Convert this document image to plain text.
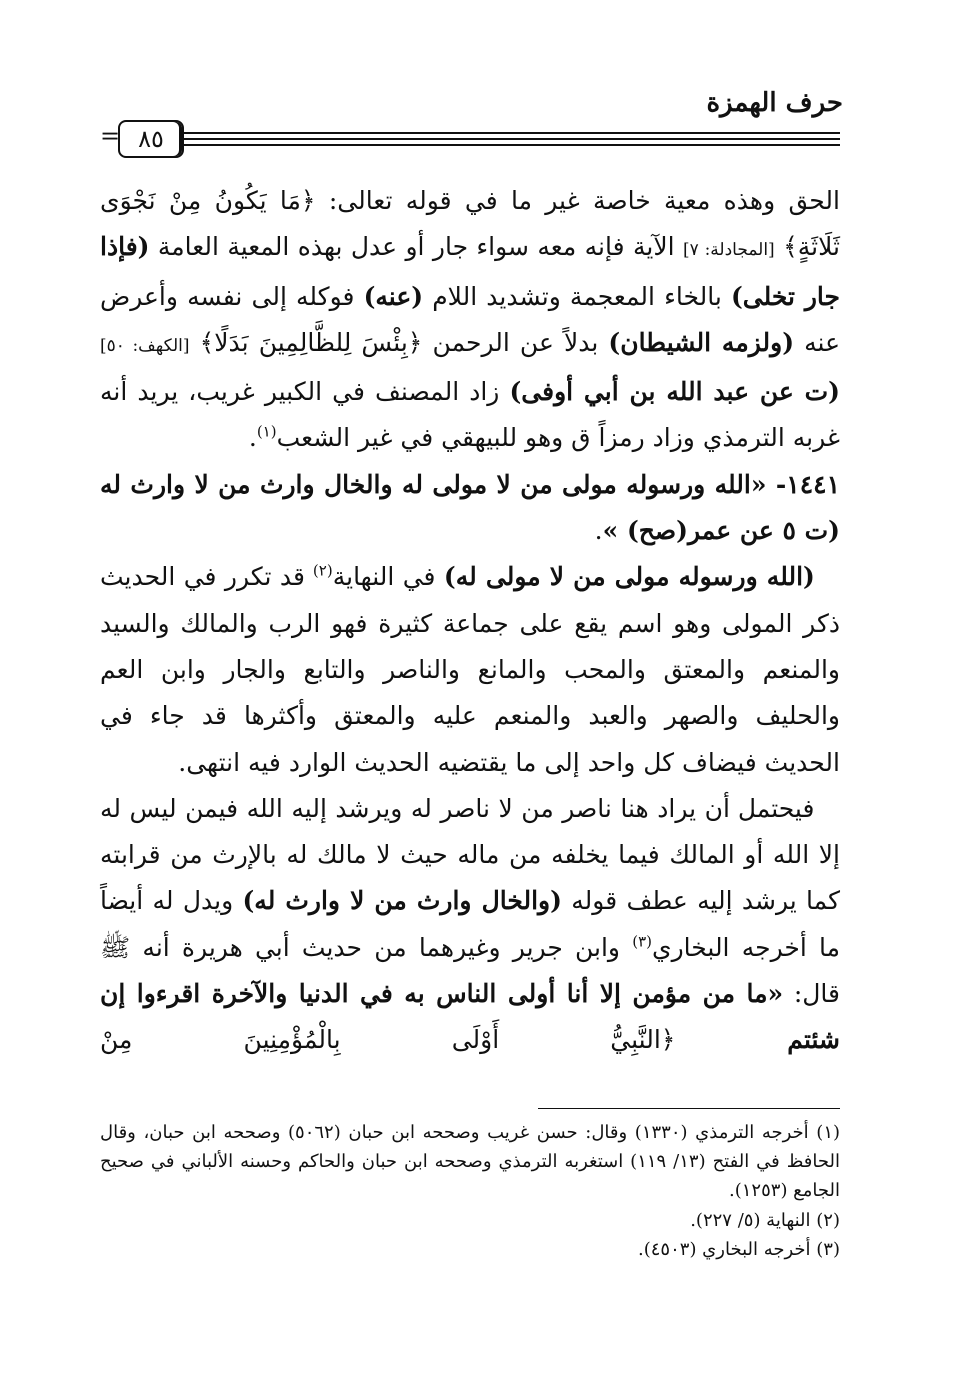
حرف الهمزة
= ٨٥

الحق وهذه معية خاصة غير ما في قوله تعالى: ﴿مَا يَكُونُ مِنْ نَجْوَى ثَلَاثَةٍ﴾ [المجادلة: ٧] الآية فإنه معه سواء جار أو عدل بهذه المعية العامة (فإذا جار تخلى) بالخاء المعجمة وتشديد اللام (عنه) فوكله إلى نفسه وأعرض عنه (ولزمه الشيطان) بدلاً عن الرحمن ﴿بِئْسَ لِلظَّالِمِينَ بَدَلًا﴾ [الكهف: ٥٠] (ت عن عبد الله بن أبي أوفى) زاد المصنف في الكبير غريب، يريد أنه غربه الترمذي وزاد رمزاً ق وهو للبيهقي في غير الشعب$^{(١)}$.

١٤٤١- «الله ورسوله مولى من لا مولى له والخال وارث من لا وارث له (ت ٥ عن عمر(صح) ».

(الله ورسوله مولى من لا مولى له) في النهاية$^{(٢)}$ قد تكرر في الحديث ذكر المولى وهو اسم يقع على جماعة كثيرة فهو الرب والمالك والسيد والمنعم والمعتق والمحب والمانع والناصر والتابع والجار وابن العم والحليف والصهر والعبد والمنعم عليه والمعتق وأكثرها قد جاء في الحديث فيضاف كل واحد إلى ما يقتضيه الحديث الوارد فيه انتهى.

فيحتمل أن يراد هنا ناصر من لا ناصر له ويرشد إليه الله فيمن ليس له إلا الله أو المالك فيما يخلفه من ماله حيث لا مالك له بالإرث من قرابته كما يرشد إليه عطف قوله (والخال وارث من لا وارث له) ويدل له أيضاً ما أخرجه البخاري$^{(٣)}$ وابن جرير وغيرهما من حديث أبي هريرة أنه ﷺ قال: «ما من مؤمن إلا أنا أولى الناس به في الدنيا والآخرة اقرءوا إن شئتم ﴿النَّبِيُّ أَوْلَى بِالْمُؤْمِنِينَ مِنْ

(١) أخرجه الترمذي (١٣٣٠) وقال: حسن غريب وصححه ابن حبان (٥٠٦٢) وصححه ابن حبان، وقال الحافظ في الفتح (١٣/ ١١٩) استغربه الترمذي وصححه ابن حبان والحاكم وحسنه الألباني في صحيح الجامع (١٢٥٣).

(٢) النهاية (٥/ ٢٢٧).

(٣) أخرجه البخاري (٤٥٠٣).
